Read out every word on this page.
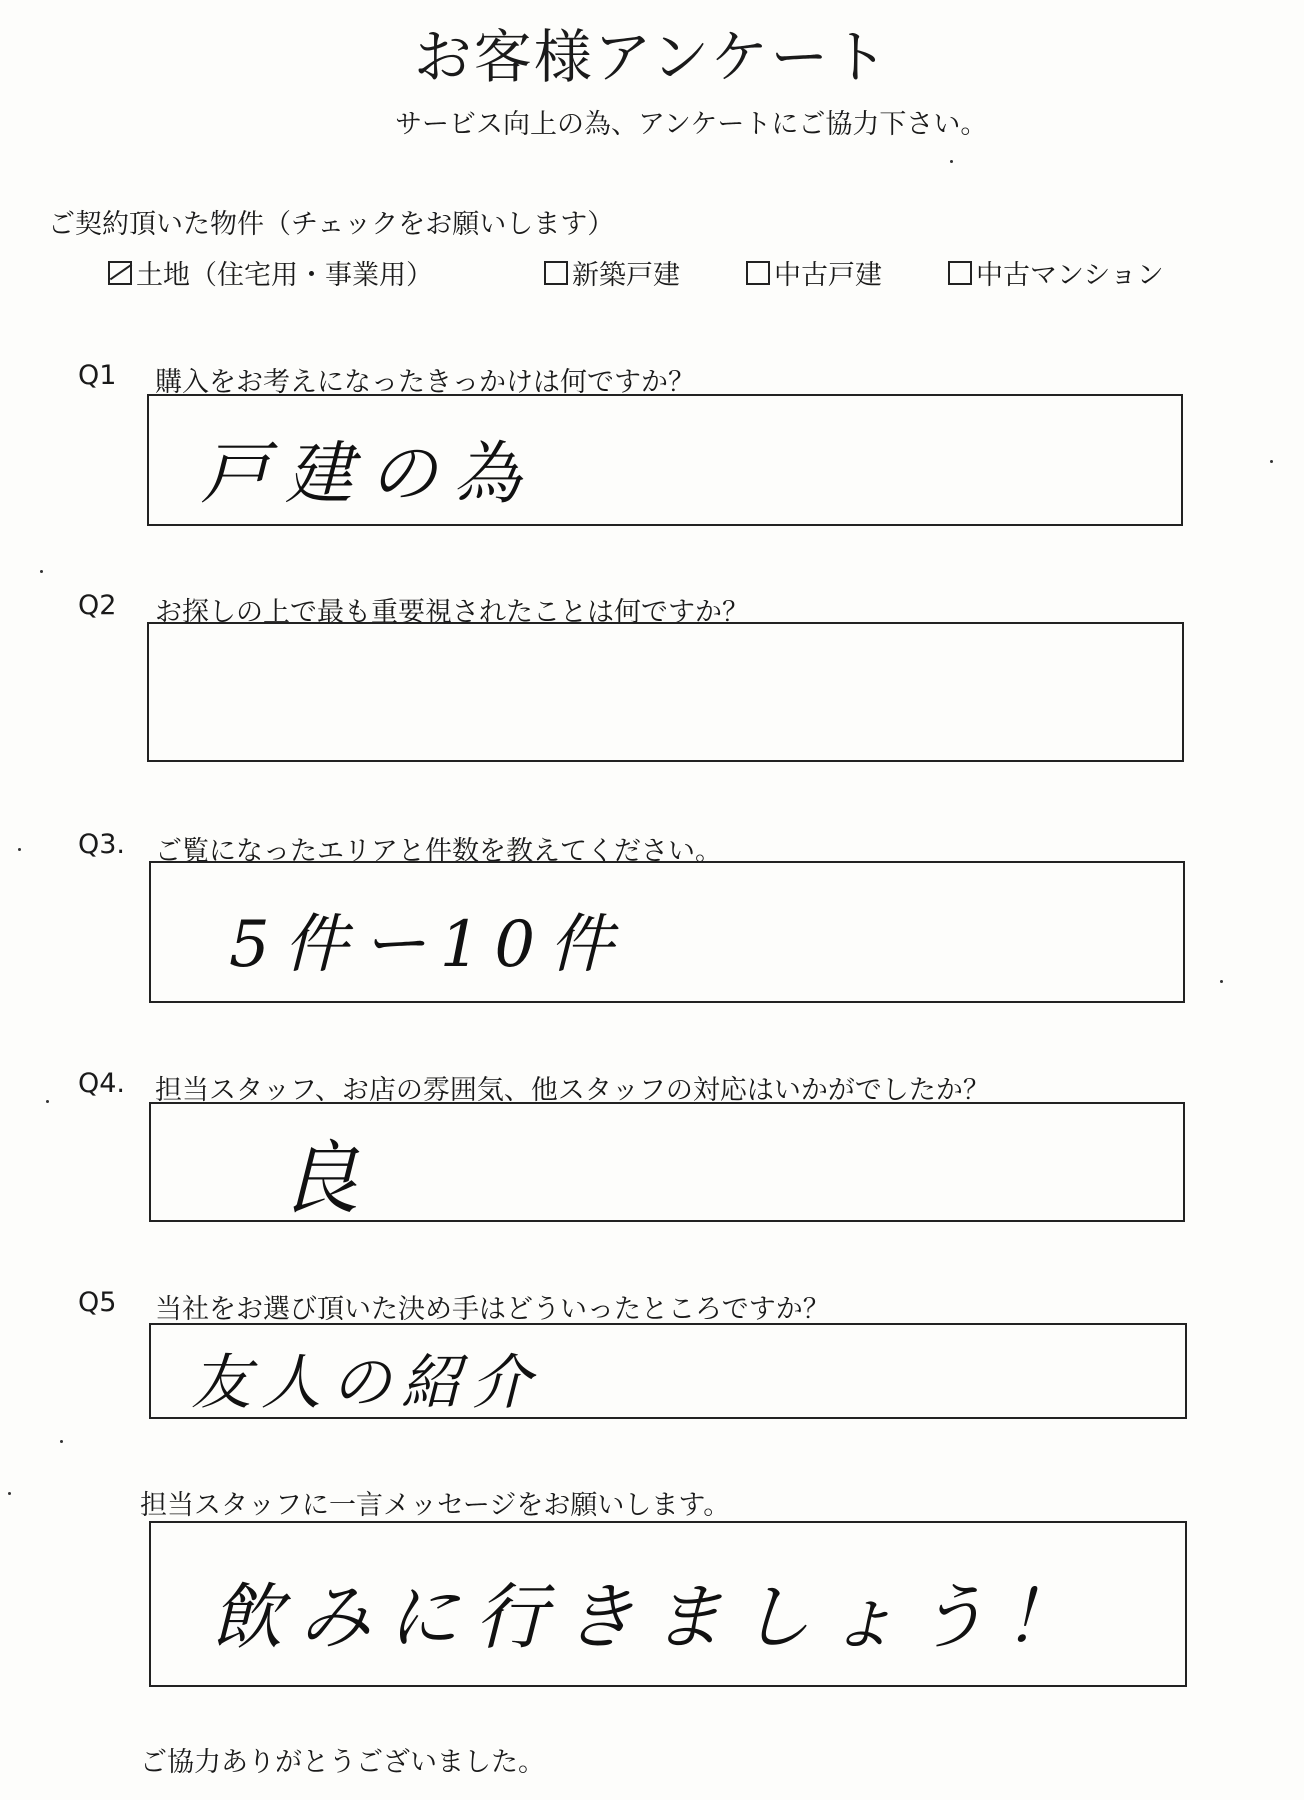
お客様アンケート
サービス向上の為、アンケートにご協力下さい。
ご契約頂いた物件（チェックをお願いします）
土地（住宅用・事業用）	新築戸建	中古戸建	中古マンション
Q1 購入をお考えになったきっかけは何ですか？
戸建の為
Q2 お探しの上で最も重要視されたことは何ですか？
Q3. ご覧になったエリアと件数を教えてください。
5件ー10件
Q4. 担当スタッフ、お店の雰囲気、他スタッフの対応はいかがでしたか？
良
Q5 当社をお選び頂いた決め手はどういったところですか？
友人の紹介
担当スタッフに一言メッセージをお願いします。
飲みに行きましょう！
ご協力ありがとうございました。
